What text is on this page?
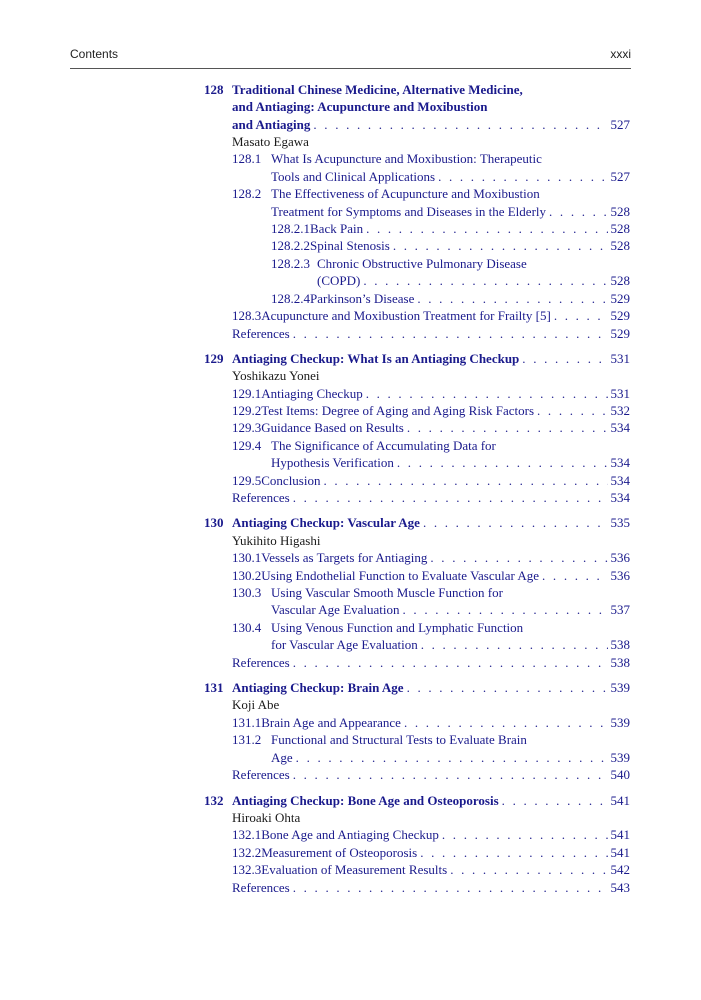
Contents	xxxi
128 Traditional Chinese Medicine, Alternative Medicine,
and Antiaging: Acupuncture and Moxibustion
and Antiaging . . .	527
Masato Egawa
128.1 What Is Acupuncture and Moxibustion: Therapeutic
Tools and Clinical Applications . . .	527
128.2 The Effectiveness of Acupuncture and Moxibustion
Treatment for Symptoms and Diseases in the Elderly . . .	528
128.2.1 Back Pain . . .	528
128.2.2 Spinal Stenosis . . .	528
128.2.3 Chronic Obstructive Pulmonary Disease
(COPD) . . .	528
128.2.4 Parkinson’s Disease . . .	529
128.3 Acupuncture and Moxibustion Treatment for Frailty [5] . . .	529
References . . .	529
129 Antiaging Checkup: What Is an Antiaging Checkup . . .	531
Yoshikazu Yonei
129.1 Antiaging Checkup . . .	531
129.2 Test Items: Degree of Aging and Aging Risk Factors . . .	532
129.3 Guidance Based on Results . . .	534
129.4 The Significance of Accumulating Data for
Hypothesis Verification . . .	534
129.5 Conclusion . . .	534
References . . .	534
130 Antiaging Checkup: Vascular Age . . .	535
Yukihito Higashi
130.1 Vessels as Targets for Antiaging . . .	536
130.2 Using Endothelial Function to Evaluate Vascular Age . . .	536
130.3 Using Vascular Smooth Muscle Function for
Vascular Age Evaluation . . .	537
130.4 Using Venous Function and Lymphatic Function
for Vascular Age Evaluation . . .	538
References . . .	538
131 Antiaging Checkup: Brain Age . . .	539
Koji Abe
131.1 Brain Age and Appearance . . .	539
131.2 Functional and Structural Tests to Evaluate Brain
Age . . .	539
References . . .	540
132 Antiaging Checkup: Bone Age and Osteoporosis . . .	541
Hiroaki Ohta
132.1 Bone Age and Antiaging Checkup . . .	541
132.2 Measurement of Osteoporosis . . .	541
132.3 Evaluation of Measurement Results . . .	542
References . . .	543
